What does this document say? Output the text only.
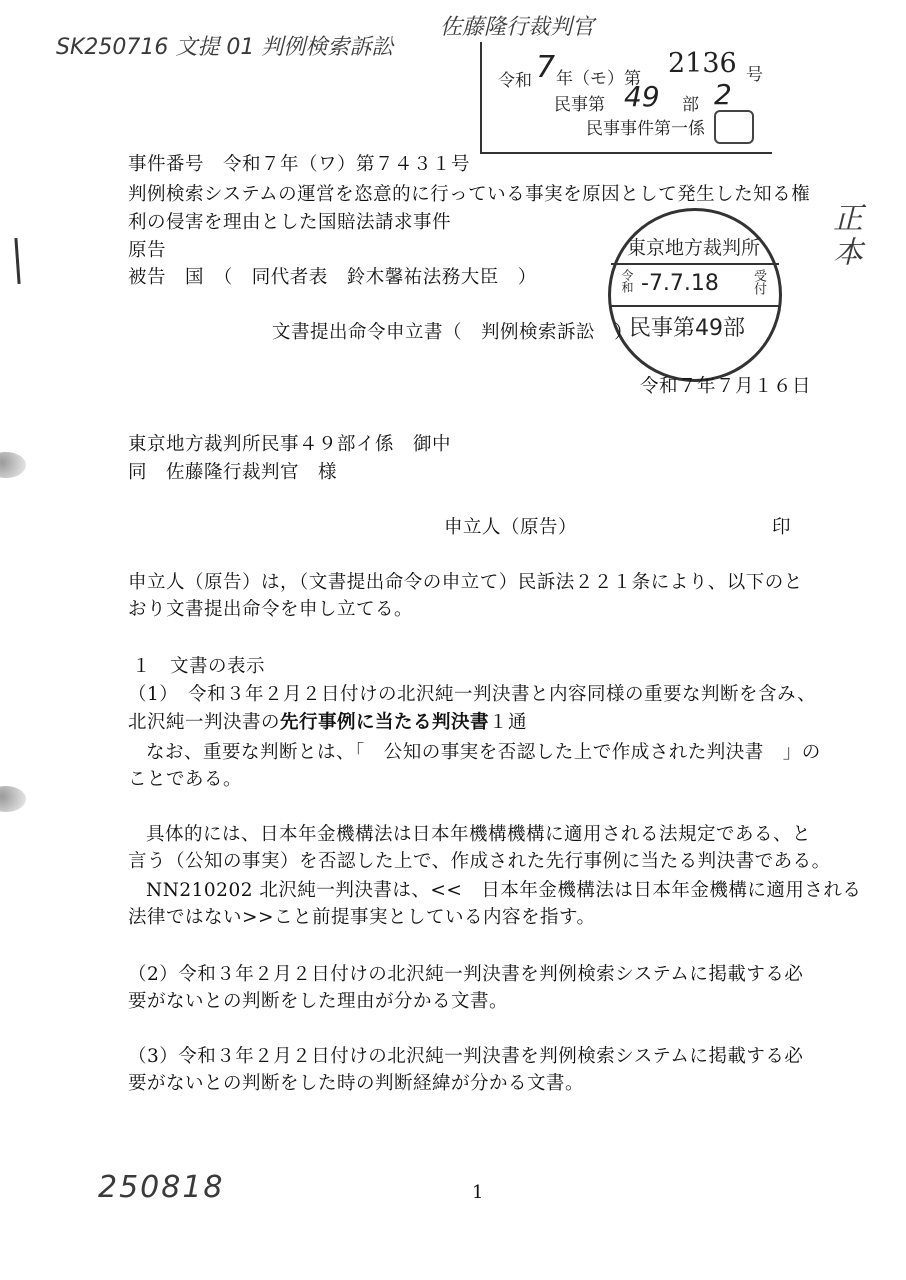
SK250716 文提 01 判例検索訴訟
佐藤隆行裁判官
正本
250818
令和 7 年（モ）第 2136 号
民事第 49 部 2
民事事件第一係
東京地方裁判所
令和 -7.7.18 受付
民事第49部
事件番号　令和７年（ワ）第７４３１号
判例検索システムの運営を恣意的に行っている事実を原因として発生した知る権
利の侵害を理由とした国賠法請求事件
原告
被告　国　（　同代者表　鈴木馨祐法務大臣　）
文書提出命令申立書（　判例検索訴訟　）
令和７年７月１６日
東京地方裁判所民事４９部イ係　御中
同　佐藤隆行裁判官　様
申立人（原告）	印
申立人（原告）は，（文書提出命令の申立て）民訴法２２１条により、以下のと
おり文書提出命令を申し立てる。
１　文書の表示
（1）　令和３年２月２日付けの北沢純一判決書と内容同様の重要な判断を含み、
北沢純一判決書の先行事例に当たる判決書１通
なお、重要な判断とは、「　公知の事実を否認した上で作成された判決書　」の
ことである。
具体的には、日本年金機構法は日本年機構機構に適用される法規定である、と
言う（公知の事実）を否認した上で、作成された先行事例に当たる判決書である。
NN210202 北沢純一判決書は、<<　日本年金機構法は日本年金機構に適用される
法律ではない>>こと前提事実としている内容を指す。
（2）令和３年２月２日付けの北沢純一判決書を判例検索システムに掲載する必
要がないとの判断をした理由が分かる文書。
（3）令和３年２月２日付けの北沢純一判決書を判例検索システムに掲載する必
要がないとの判断をした時の判断経緯が分かる文書。
1
